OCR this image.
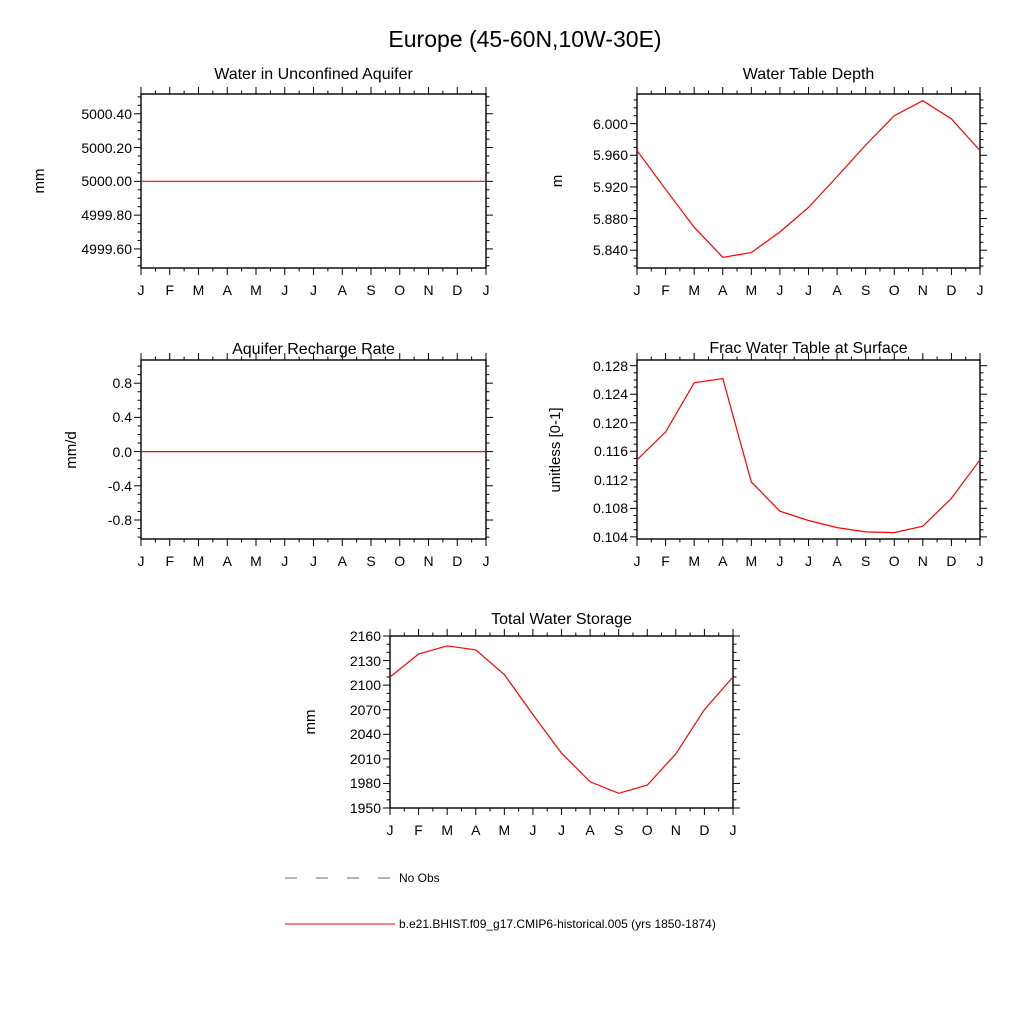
Europe (45-60N,10W-30E)
J	F	M	A	M	J	J	A	S	O	N	D	J
4999.60
4999.80
5000.00
5000.20
5000.40
Water in Unconfined Aquifer
mm
J	F	M	A	M	J	J	A	S	O	N	D	J
5.840
5.880
5.920
5.960
6.000
Water Table Depth
m
J	F	M	A	M	J	J	A	S	O	N	D	J
-0.8
-0.4
0.0
0.4
0.8
Aquifer Recharge Rate
mm/d
J	F	M	A	M	J	J	A	S	O	N	D	J
0.104
0.108
0.112
0.116
0.120
0.124
0.128
Frac Water Table at Surface
unitless [0-1]
J	F	M	A	M	J	J	A	S	O	N	D	J
1950
1980
2010
2040
2070
2100
2130
2160
Total Water Storage
mm
No Obs
b.e21.BHIST.f09_g17.CMIP6-historical.005 (yrs 1850-1874)
